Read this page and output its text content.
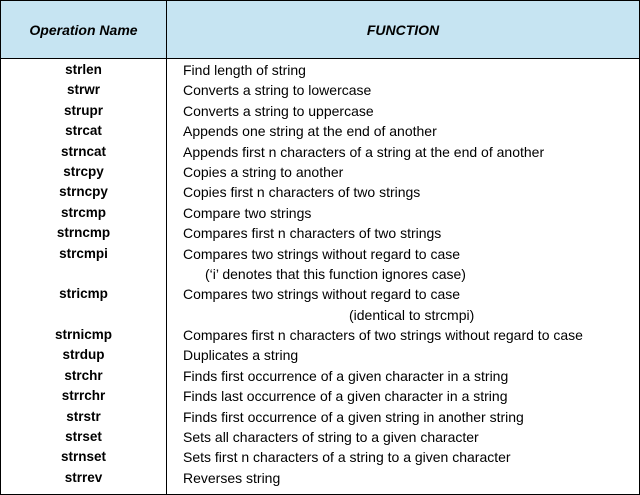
Operation Name	FUNCTION
strlen	Find length of string
strwr	Converts a string to lowercase
strupr	Converts a string to uppercase
strcat	Appends one string at the end of another
strncat	Appends first n characters of a string at the end of another
strcpy	Copies a string to another
strncpy	Copies first n characters of two strings
strcmp	Compare two strings
strncmp	Compares first n characters of two strings
strcmpi	Compares two strings without regard to case
(‘i’ denotes that this function ignores case)
stricmp	Compares two strings without regard to case
(identical to strcmpi)
strnicmp	Compares first n characters of two strings without regard to case
strdup	Duplicates a string
strchr	Finds first occurrence of a given character in a string
strrchr	Finds last occurrence of a given character in a string
strstr	Finds first occurrence of a given string in another string
strset	Sets all characters of string to a given character
strnset	Sets first n characters of a string to a given character
strrev	Reverses string
